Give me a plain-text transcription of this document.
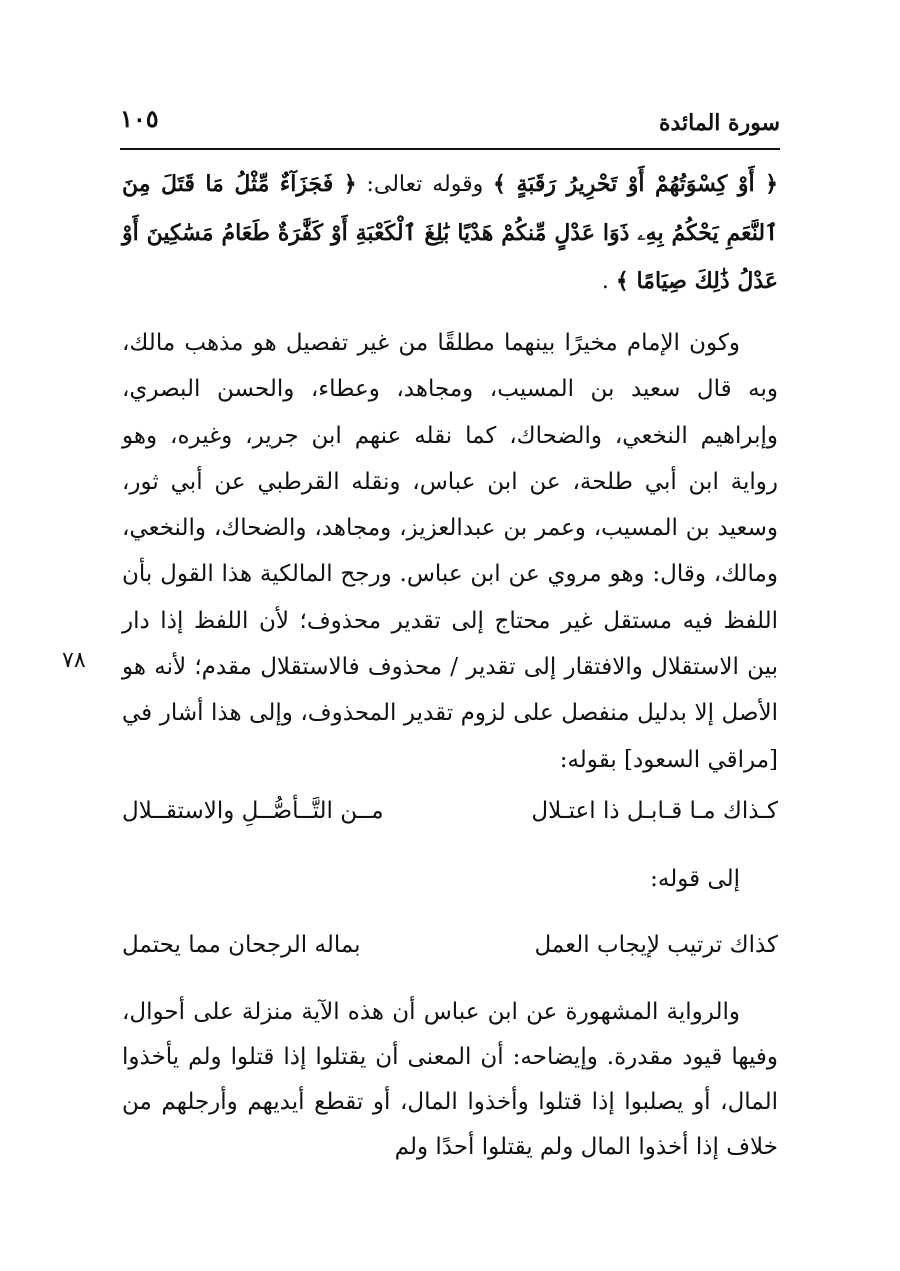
سورة المائدة
١٠٥
﴿ أَوْ كِسْوَتُهُمْ أَوْ تَحْرِيرُ رَقَبَةٍ ﴾ وقوله تعالى: ﴿ فَجَزَآءٌ مِّثْلُ مَا قَتَلَ مِنَ ٱلنَّعَمِ يَحْكُمُ بِهِۦ ذَوَا عَدْلٍ مِّنكُمْ هَدْيًا بَٰلِغَ ٱلْكَعْبَةِ أَوْ كَفَّٰرَةٌ طَعَامُ مَسَٰكِينَ أَوْ عَدْلُ ذَٰلِكَ صِيَامًا ﴾ .
وكون الإمام مخيرًا بينهما مطلقًا من غير تفصيل هو مذهب مالك، وبه قال سعيد بن المسيب، ومجاهد، وعطاء، والحسن البصري، وإبراهيم النخعي، والضحاك، كما نقله عنهم ابن جرير، وغيره، وهو رواية ابن أبي طلحة، عن ابن عباس، ونقله القرطبي عن أبي ثور، وسعيد بن المسيب، وعمر بن عبدالعزيز، ومجاهد، والضحاك، والنخعي، ومالك، وقال: وهو مروي عن ابن عباس. ورجح المالكية هذا القول بأن اللفظ فيه مستقل غير محتاج إلى تقدير محذوف؛ لأن اللفظ إذا دار بين الاستقلال والافتقار إلى تقدير / محذوف فالاستقلال مقدم؛ لأنه هو الأصل إلا بدليل منفصل على لزوم تقدير المحذوف، وإلى هذا أشار في [مراقي السعود] بقوله:
٧٨
كـذاك مـا قـابـل ذا اعتـلال
مــن التَّــأصُّــلِ والاستقــلال
إلى قوله:
كذاك ترتيب لإيجاب العمل
بماله الرجحان مما يحتمل
والرواية المشهورة عن ابن عباس أن هذه الآية منزلة على أحوال، وفيها قيود مقدرة. وإيضاحه: أن المعنى أن يقتلوا إذا قتلوا ولم يأخذوا المال، أو يصلبوا إذا قتلوا وأخذوا المال، أو تقطع أيديهم وأرجلهم من خلاف إذا أخذوا المال ولم يقتلوا أحدًا ولم
